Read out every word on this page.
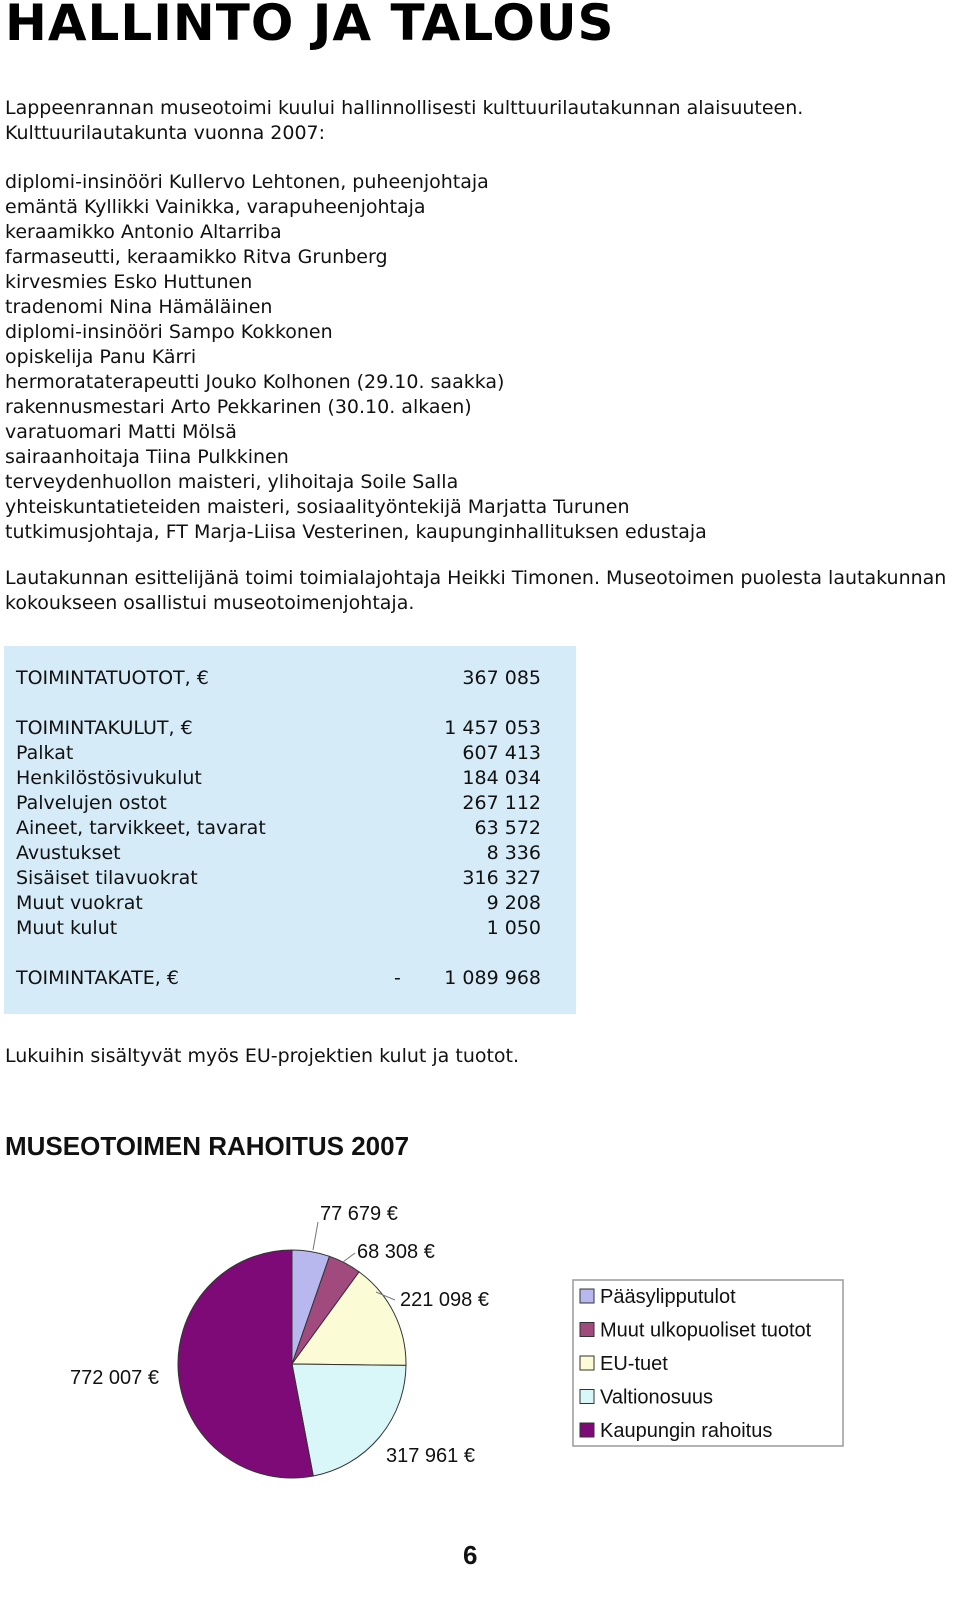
HALLINTO JA TALOUS

Lappeenrannan museotoimi kuului hallinnollisesti kulttuurilautakunnan alaisuuteen. Kulttuurilautakunta vuonna 2007:

diplomi-insinööri Kullervo Lehtonen, puheenjohtaja
emäntä Kyllikki Vainikka, varapuheenjohtaja
keraamikko Antonio Altarriba
farmaseutti, keraamikko Ritva Grunberg
kirvesmies Esko Huttunen
tradenomi Nina Hämäläinen
diplomi-insinööri Sampo Kokkonen
opiskelija Panu Kärri
hermorataterapeutti Jouko Kolhonen (29.10. saakka)
rakennusmestari Arto Pekkarinen (30.10. alkaen)
varatuomari Matti Mölsä
sairaanhoitaja Tiina Pulkkinen
terveydenhuollon maisteri, ylihoitaja Soile Salla
yhteiskuntatieteiden maisteri, sosiaalityöntekijä Marjatta Turunen
tutkimusjohtaja, FT Marja-Liisa Vesterinen, kaupunginhallituksen edustaja

Lautakunnan esittelijänä toimi toimialajohtaja Heikki Timonen. Museotoimen puolesta lautakunnan kokoukseen osallistui museotoimenjohtaja.

TOIMINTATUOTOT, €	367 085
TOIMINTAKULUT, €	1 457 053
Palkat	607 413
Henkilöstösivukulut	184 034
Palvelujen ostot	267 112
Aineet, tarvikkeet, tavarat	63 572
Avustukset	8 336
Sisäiset tilavuokrat	316 327
Muut vuokrat	9 208
Muut kulut	1 050
TOIMINTAKATE, €	- 1 089 968

Lukuihin sisältyvät myös EU-projektien kulut ja tuotot.

MUSEOTOIMEN RAHOITUS 2007
77 679 €
68 308 €
221 098 €
317 961 €
772 007 €
Pääsylipputulot
Muut ulkopuoliset tuotot
EU-tuet
Valtionosuus
Kaupungin rahoitus
6
